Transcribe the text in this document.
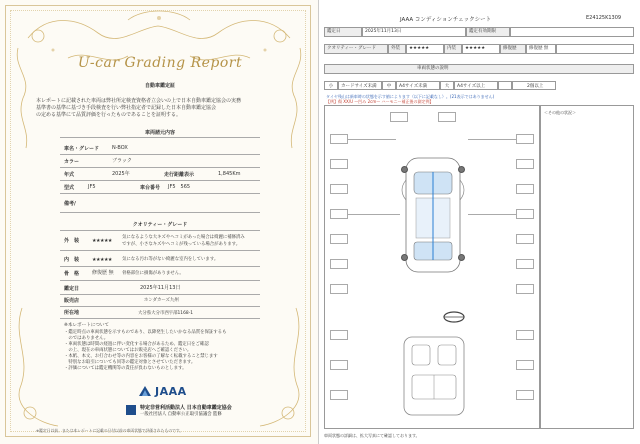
U-car Grading Report
自動車鑑定証
本レポートに記載された車両は弊社所定検査資格者立会いの上で日本自動車鑑定協会の実務
基準書の基準に基づき手段検査を行い弊社指定者で記録した日本自動車鑑定協会
の定める基準にて品質評価を行ったものであることを証明する。
車両諸元内容
車名・グレード	N-BOX
カラー	ブラック
年式	2025年	走行距離表示	1,845Km
型式	JF5	車台番号 JF5　565
備考/
クオリティー・グレード
外　装	★★★★★
気になるような大キズやヘコミがあった場合は綺麗に補修済み
ですが、小さなキズやヘコミが残っている場合があります。
内　装	★★★★★ 気になる汚れ等がない綺麗な室内をしています。
骨　格	修復歴 無 骨格部位に損傷がありません。
鑑定日	2025年11月13日
販売店	ホンダカーズ九州
所在地	大分県大分市西宇部1168-1
※本レポートについて
・鑑定時点の車両状態を示すものであり、以降発生したいかなる品質を保証するも
　のではありません。
・車両状態は時間の経過に伴い変化する場合があるため、鑑定日をご確認
　の上、現在の車両状態についてはお販売店へご確認ください。
・本紙、本文、お打合わせ等の内容をお客様の了解なく転載すること禁じます
　特別なお取引についても同等の鑑定対象とさせていただきます。
・評価については鑑定機関等の責任が負わないものとします。
JAAA
特定非営利活動法人 日本自動車鑑定協会
一般社団法人 自動車公正取引協議会 監修
※鑑定日以前、または本レポートに記載の日付以前の車両状態で評価されたものです。
JAAA コンディションチェックシート	E24125K1309
鑑定日	2025年11月13日	鑑定有効期限
クオリティー・グレード	外装	★★★★★	内装	★★★★★	修復歴	修復歴 無
車両状態の説明
小	カードサイズ未満	中	A4サイズ未満	大	A4サイズ以上	2個以上
タイヤ残山は新車時の状態を示す値によります（以下に記載なし）。(21表示ではありません)
【例】傷 XX/U ～凹み 2cm〜 ハーモニー補正後の測定例】
＜その他の状況＞
車両状態の詳細は、拡大写真にて確認しております。
